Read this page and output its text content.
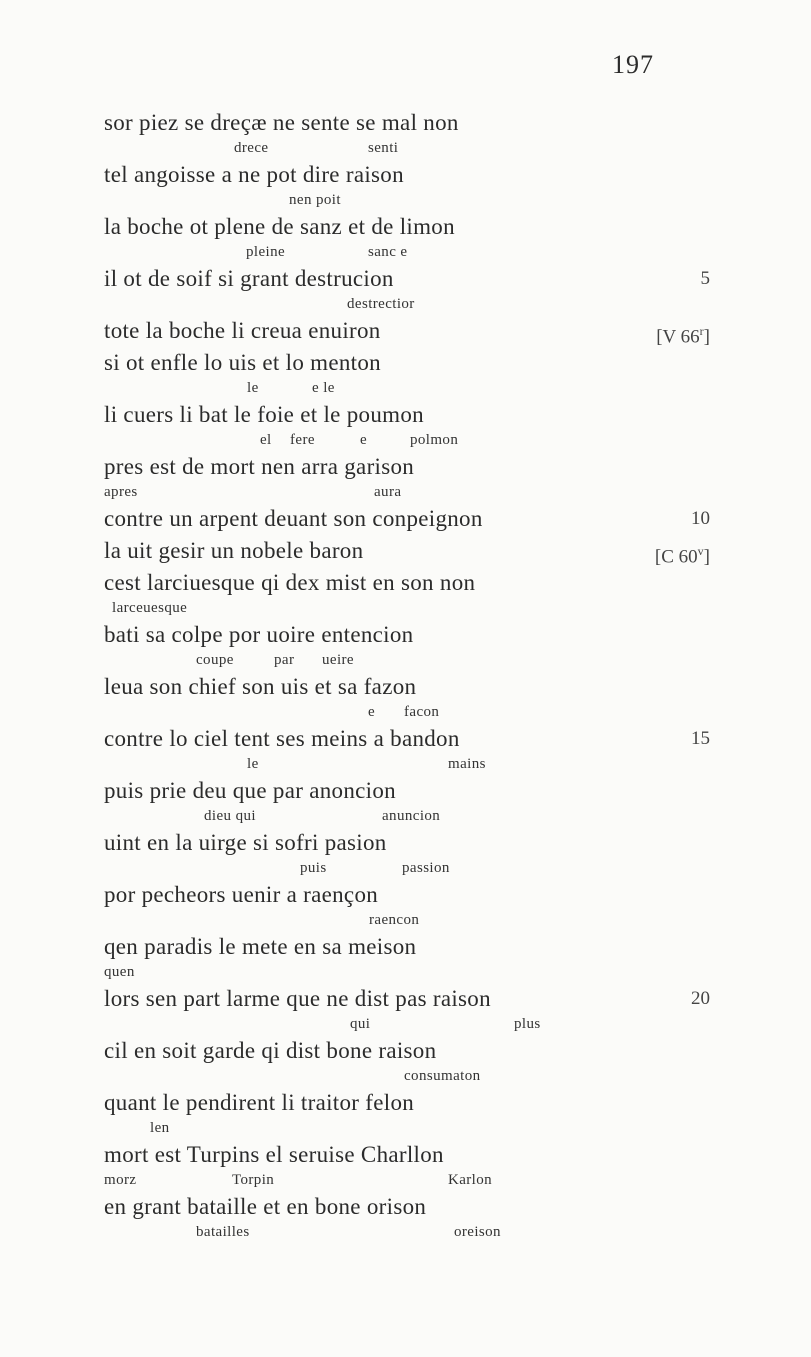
197
sor piez se dreçæ ne sente se mal non
drece	senti
tel angoisse a ne pot dire raison
nen poit
la boche ot plene de sanz et de limon
pleine	sanc e
il ot de soif si grant destrucion	5
destrectior
tote la boche li creua enuiron	[V 66$^r$]
si ot enfle lo uis et lo menton
le	e le
li cuers li bat le foie et le poumon
el fere	e	polmon
pres est de mort nen arra garison
apres	aura
contre un arpent deuant son conpeignon	10
la uit gesir un nobele baron	[C 60$^v$]
cest larciuesque qi dex mist en son non
larceuesque
bati sa colpe por uoire entencion
coupe	par ueire
leua son chief son uis et sa fazon
e facon
contre lo ciel tent ses meins a bandon	15
le	mains
puis prie deu que par anoncion
dieu qui	anuncion
uint en la uirge si sofri pasion
puis	passion
por pecheors uenir a raençon
raencon
qen paradis le mete en sa meison
quen
lors sen part larme que ne dist pas raison	20
qui	plus
cil en soit garde qi dist bone raison
consumaton
quant le pendirent li traitor felon
len
mort est Turpins el seruise Charllon
morz	Torpin	Karlon
en grant bataille et en bone orison
batailles	oreison
